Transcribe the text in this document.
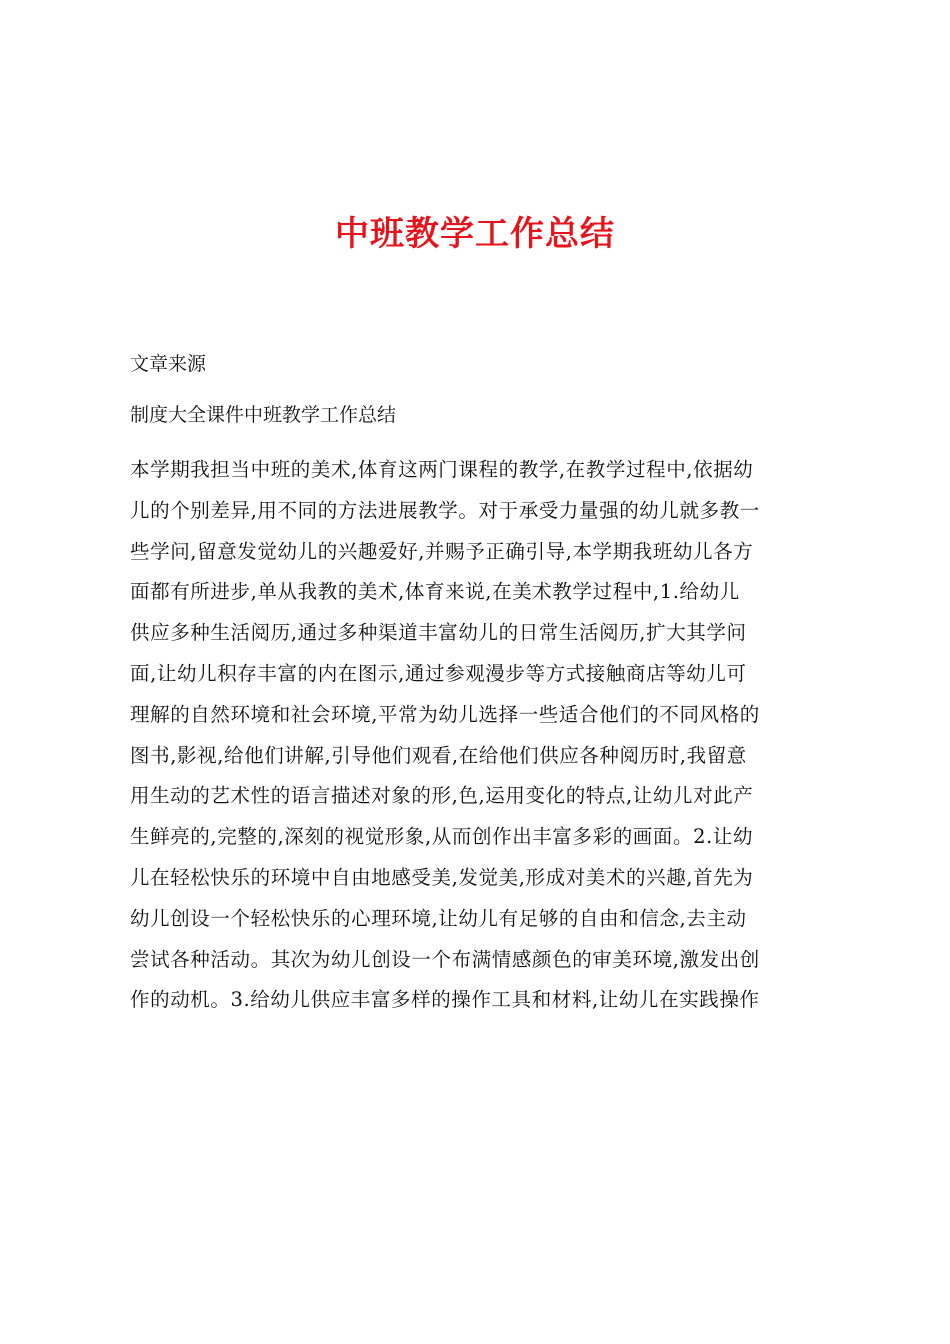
中班教学工作总结

文章来源

制度大全课件中班教学工作总结

本学期我担当中班的美术,体育这两门课程的教学,在教学过程中,依据幼
儿的个别差异,用不同的方法进展教学。对于承受力量强的幼儿就多教一
些学问,留意发觉幼儿的兴趣爱好,并赐予正确引导,本学期我班幼儿各方
面都有所进步,单从我教的美术,体育来说,在美术教学过程中,1.给幼儿
供应多种生活阅历,通过多种渠道丰富幼儿的日常生活阅历,扩大其学问
面,让幼儿积存丰富的内在图示,通过参观漫步等方式接触商店等幼儿可
理解的自然环境和社会环境,平常为幼儿选择一些适合他们的不同风格的
图书,影视,给他们讲解,引导他们观看,在给他们供应各种阅历时,我留意
用生动的艺术性的语言描述对象的形,色,运用变化的特点,让幼儿对此产
生鲜亮的,完整的,深刻的视觉形象,从而创作出丰富多彩的画面。2.让幼
儿在轻松快乐的环境中自由地感受美,发觉美,形成对美术的兴趣,首先为
幼儿创设一个轻松快乐的心理环境,让幼儿有足够的自由和信念,去主动
尝试各种活动。其次为幼儿创设一个布满情感颜色的审美环境,激发出创
作的动机。3.给幼儿供应丰富多样的操作工具和材料,让幼儿在实践操作
